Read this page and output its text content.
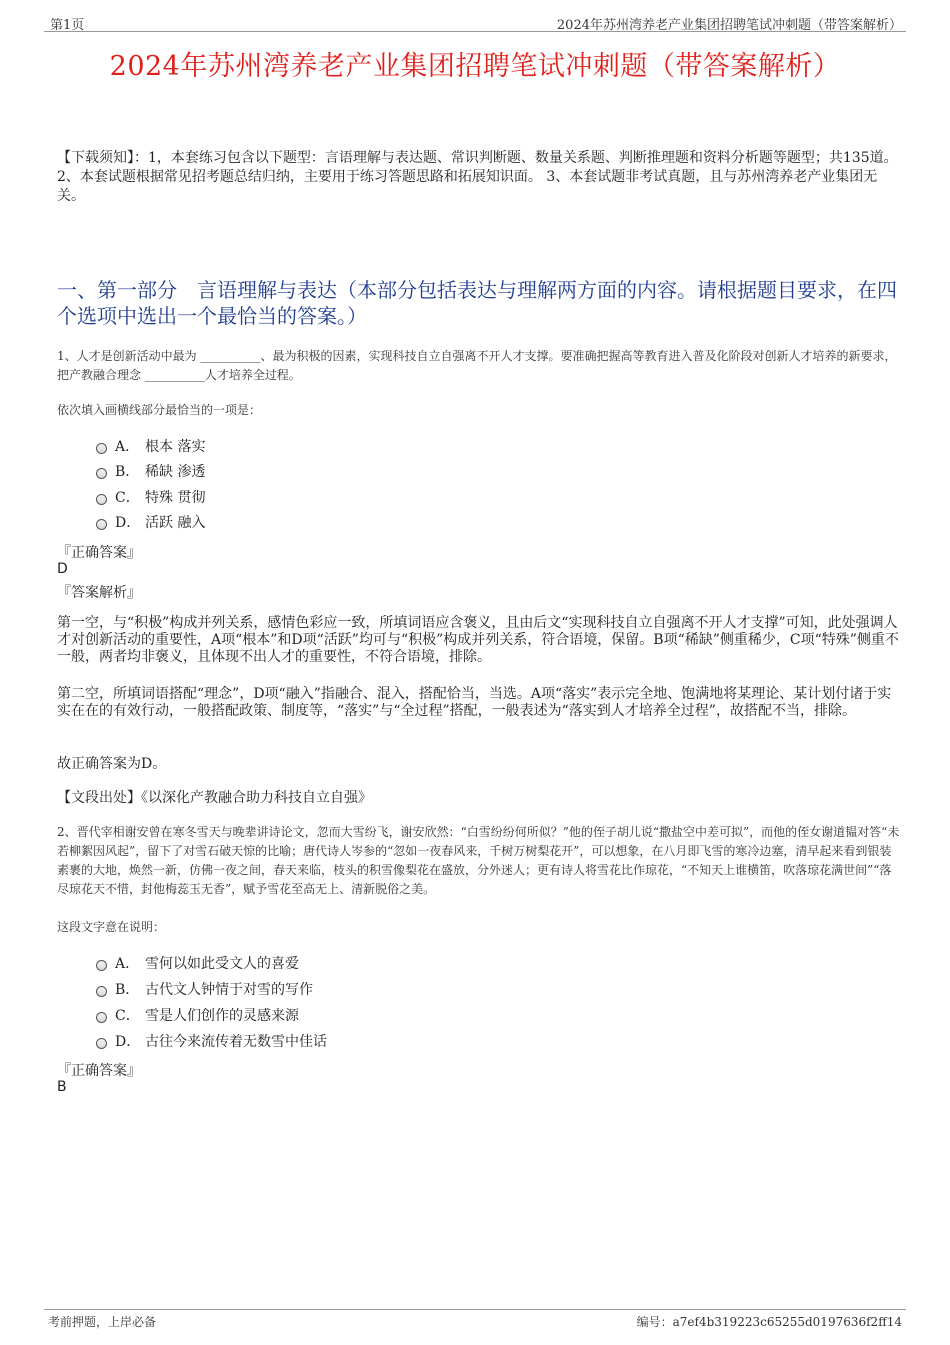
第1页	2024年苏州湾养老产业集团招聘笔试冲刺题（带答案解析）
2024年苏州湾养老产业集团招聘笔试冲刺题（带答案解析）
【下载须知】：1，本套练习包含以下题型：言语理解与表达题、常识判断题、数量关系题、判断推理题和资料分析题等题型；共135道。 2、本套试题根据常见招考题总结归纳，主要用于练习答题思路和拓展知识面。 3、本套试题非考试真题，且与苏州湾养老产业集团无关。
一、第一部分　言语理解与表达（本部分包括表达与理解两方面的内容。请根据题目要求，在四个选项中选出一个最恰当的答案。）
1、人才是创新活动中最为 __________、最为积极的因素，实现科技自立自强离不开人才支撑。要准确把握高等教育进入普及化阶段对创新人才培养的新要求，把产教融合理念 __________人才培养全过程。
依次填入画横线部分最恰当的一项是：
A． 根本 落实
B． 稀缺 渗透
C． 特殊 贯彻
D． 活跃 融入
『正确答案』
D
『答案解析』
第一空，与“积极”构成并列关系，感情色彩应一致，所填词语应含褒义，且由后文“实现科技自立自强离不开人才支撑”可知，此处强调人才对创新活动的重要性，A项“根本”和D项“活跃”均可与“积极”构成并列关系，符合语境，保留。B项“稀缺”侧重稀少，C项“特殊”侧重不一般，两者均非褒义，且体现不出人才的重要性，不符合语境，排除。
第二空，所填词语搭配“理念”，D项“融入”指融合、混入，搭配恰当，当选。A项“落实”表示完全地、饱满地将某理论、某计划付诸于实实在在的有效行动，一般搭配政策、制度等，“落实”与“全过程”搭配，一般表述为“落实到人才培养全过程”，故搭配不当，排除。
故正确答案为D。
【文段出处】《以深化产教融合助力科技自立自强》
2、晋代宰相谢安曾在寒冬雪天与晚辈讲诗论文，忽而大雪纷飞，谢安欣然：“白雪纷纷何所似？”他的侄子胡儿说“撒盐空中差可拟”，而他的侄女谢道韫对答“未若柳絮因风起”，留下了对雪石破天惊的比喻；唐代诗人岑参的“忽如一夜春风来，千树万树梨花开”，可以想象，在八月即飞雪的寒冷边塞，清早起来看到银装素裹的大地，焕然一新，仿佛一夜之间，春天来临，枝头的积雪像梨花在盛放，分外迷人；更有诗人将雪花比作琼花，“不知天上谁横笛，吹落琼花满世间”“落尽琼花天不惜，封他梅蕊玉无香”，赋予雪花至高无上、清新脱俗之美。
这段文字意在说明：
A． 雪何以如此受文人的喜爱
B． 古代文人钟情于对雪的写作
C． 雪是人们创作的灵感来源
D． 古往今来流传着无数雪中佳话
『正确答案』
B
考前押题，上岸必备	编号：a7ef4b319223c65255d0197636f2ff14
